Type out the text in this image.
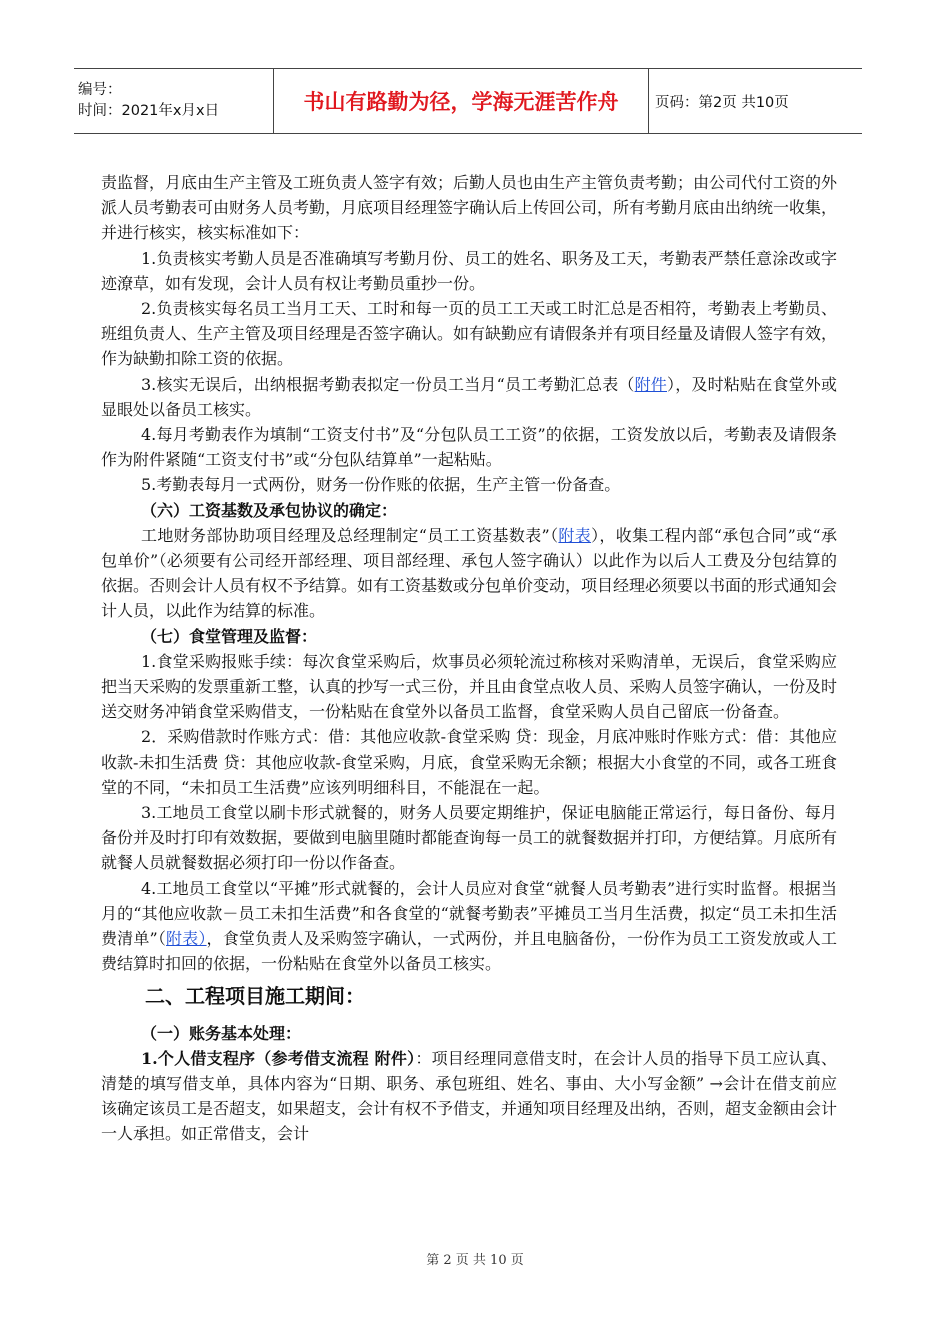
编号：
时间：2021年x月x日	书山有路勤为径，学海无涯苦作舟	页码：第2页 共10页

责监督，月底由生产主管及工班负责人签字有效；后勤人员也由生产主管负责考勤；由公司代付工资的外派人员考勤表可由财务人员考勤，月底项目经理签字确认后上传回公司，所有考勤月底由出纳统一收集，并进行核实，核实标准如下：

1.负责核实考勤人员是否准确填写考勤月份、员工的姓名、职务及工天，考勤表严禁任意涂改或字迹潦草，如有发现，会计人员有权让考勤员重抄一份。

2.负责核实每名员工当月工天、工时和每一页的员工工天或工时汇总是否相符，考勤表上考勤员、班组负责人、生产主管及项目经理是否签字确认。如有缺勤应有请假条并有项目经量及请假人签字有效，作为缺勤扣除工资的依据。

3.核实无误后，出纳根据考勤表拟定一份员工当月“员工考勤汇总表（附件），及时粘贴在食堂外或显眼处以备员工核实。

4.每月考勤表作为填制“工资支付书”及“分包队员工工资”的依据，工资发放以后，考勤表及请假条作为附件紧随“工资支付书”或“分包队结算单”一起粘贴。

5.考勤表每月一式两份，财务一份作账的依据，生产主管一份备查。

（六）工资基数及承包协议的确定：

工地财务部协助项目经理及总经理制定“员工工资基数表”（附表），收集工程内部“承包合同”或“承包单价”（必须要有公司经开部经理、项目部经理、承包人签字确认）以此作为以后人工费及分包结算的依据。否则会计人员有权不予结算。如有工资基数或分包单价变动，项目经理必须要以书面的形式通知会计人员，以此作为结算的标准。

（七）食堂管理及监督：

1.食堂采购报账手续：每次食堂采购后，炊事员必须轮流过称核对采购清单，无误后，食堂采购应把当天采购的发票重新工整，认真的抄写一式三份，并且由食堂点收人员、采购人员签字确认，一份及时送交财务冲销食堂采购借支，一份粘贴在食堂外以备员工监督，食堂采购人员自己留底一份备查。

2．采购借款时作账方式：借：其他应收款-食堂采购 贷：现金，月底冲账时作账方式：借：其他应收款-未扣生活费 贷：其他应收款-食堂采购，月底，食堂采购无余额；根据大小食堂的不同，或各工班食堂的不同，“未扣员工生活费”应该列明细科目，不能混在一起。

3.工地员工食堂以刷卡形式就餐的，财务人员要定期维护，保证电脑能正常运行，每日备份、每月备份并及时打印有效数据，要做到电脑里随时都能查询每一员工的就餐数据并打印，方便结算。月底所有就餐人员就餐数据必须打印一份以作备查。

4.工地员工食堂以“平摊”形式就餐的，会计人员应对食堂“就餐人员考勤表”进行实时监督。根据当月的“其他应收款－员工未扣生活费”和各食堂的“就餐考勤表”平摊员工当月生活费，拟定“员工未扣生活费清单”（附表），食堂负责人及采购签字确认，一式两份，并且电脑备份，一份作为员工工资发放或人工费结算时扣回的依据，一份粘贴在食堂外以备员工核实。

二、工程项目施工期间：

（一）账务基本处理：

1.个人借支程序（参考借支流程 附件）：项目经理同意借支时，在会计人员的指导下员工应认真、清楚的填写借支单，具体内容为“日期、职务、承包班组、姓名、事由、大小写金额” →会计在借支前应该确定该员工是否超支，如果超支，会计有权不予借支，并通知项目经理及出纳，否则，超支金额由会计一人承担。如正常借支，会计

第 2 页 共 10 页
